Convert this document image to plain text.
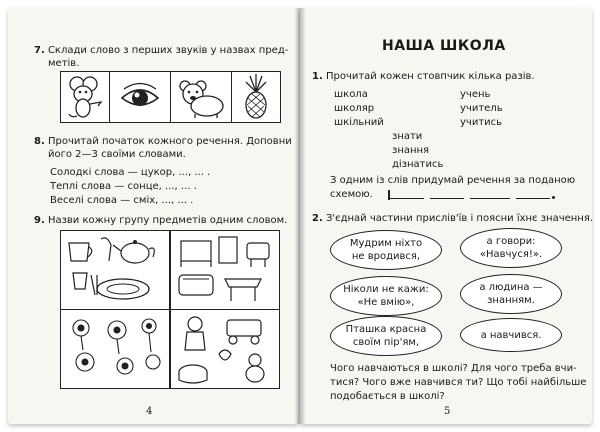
7. Склади слово з перших звуків у назвах пред-
метів.
8. Прочитай початок кожного речення. Доповни
його 2—3 своїми словами.
Солодкі слова — цукор, ..., ... .
Теплі слова — сонце, ..., ... .
Веселі слова — сміх, ..., ... .
9. Назви кожну групу предметів одним словом.
4
НАША ШКОЛА
1. Прочитай кожен стовпчик кілька разів.
школа
школяр
шкільний
учень
учитель
учитись
знати
знання
дізнатись
З одним із слів придумай речення за поданою
схемою.
2. З'єднай частини прислів'їв і поясни їхнє значення.
Мудрим ніхто
не вродився,
Ніколи не кажи:
«Не вмію»,
Пташка красна
своїм пір'ям,
а говори:
«Навчуся!».
а людина —
знанням.
а навчився.
Чого навчаються в школі? Для чого треба вчи-
тися? Чого вже навчився ти? Що тобі найбільше
подобається в школі?
5
